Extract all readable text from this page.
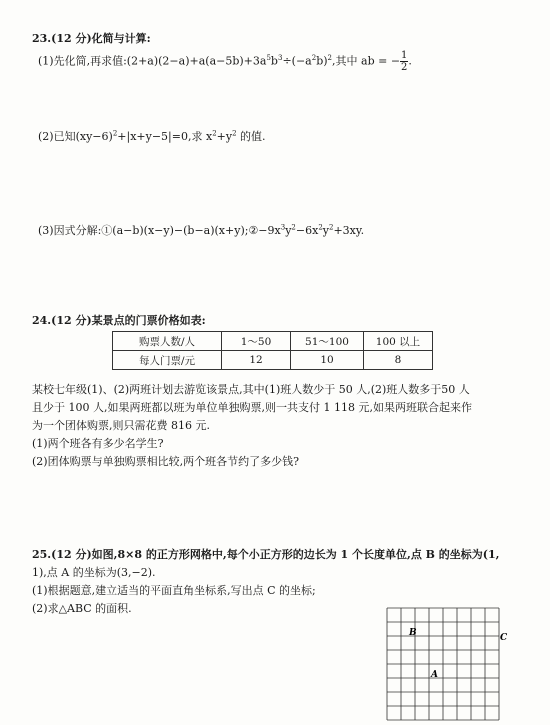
23.(12 分)化简与计算:
(1)先化简,再求值$:(2+a)(2-a)+a(a-5b)+3a^5b^3\div(-a^2b)^2$,其中 ab = − $\frac{1}{2}$ .
(2)已知$(xy-6)^2+|x+y-5|=0$,求 $x^2+y^2$ 的值.
(3)因式分解$:①(a-b)(x-y)-(b-a)(x+y);②-9x^3y^2-6x^2y^2+3xy$.
24.(12 分)某景点的门票价格如表:
购票人数/人	1～50	51～100	100 以上
每人门票/元	12	10	8
某校七年级(1)、(2)两班计划去游览该景点,其中(1)班人数少于 50 人,(2)班人数多于50 人
且少于 100 人,如果两班都以班为单位单独购票,则一共支付 1 118 元,如果两班联合起来作
为一个团体购票,则只需花费 816 元.
(1)两个班各有多少名学生?
(2)团体购票与单独购票相比较,两个班各节约了多少钱?
25.(12 分)如图,8×8 的正方形网格中,每个小正方形的边长为 1 个长度单位,点 B 的坐标为(1,
1),点 A 的坐标为(3,−2).
(1)根据题意,建立适当的平面直角坐标系,写出点 C 的坐标;
(2)求△ABC 的面积.
B
A
C
